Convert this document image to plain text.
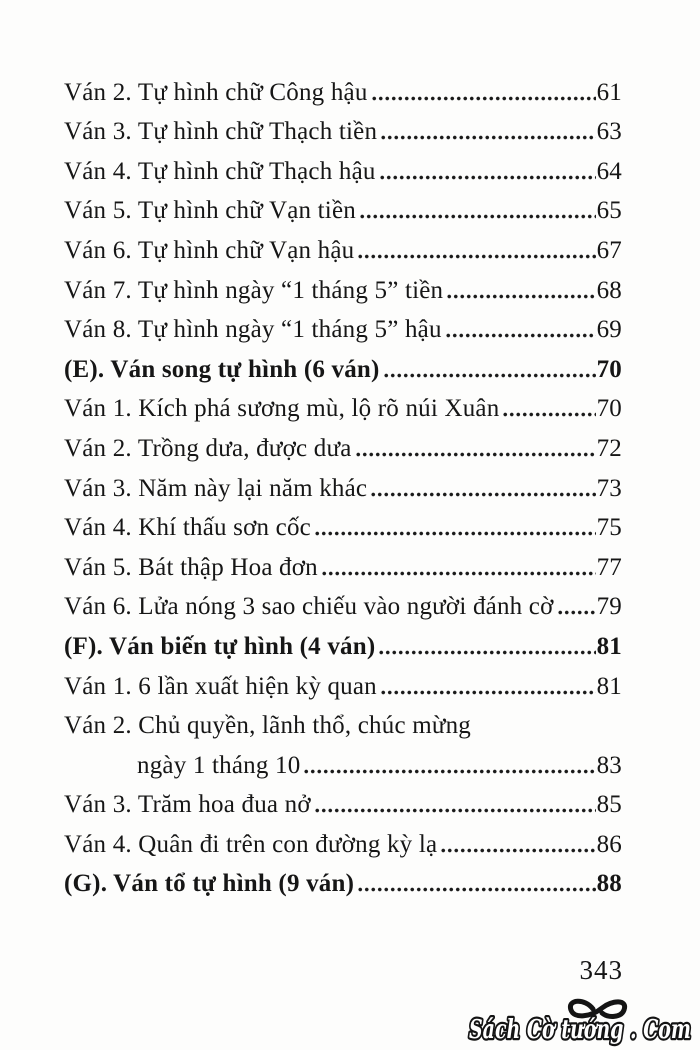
Ván 2. Tự hình chữ Công hậu	61
Ván 3. Tự hình chữ Thạch tiền	63
Ván 4. Tự hình chữ Thạch hậu	64
Ván 5. Tự hình chữ Vạn tiền	65
Ván 6. Tự hình chữ Vạn hậu	67
Ván 7. Tự hình ngày “1 tháng 5” tiền	68
Ván 8. Tự hình ngày “1 tháng 5” hậu	69
(E). Ván song tự hình (6 ván)	70
Ván 1. Kích phá sương mù, lộ rõ núi Xuân	70
Ván 2. Trồng dưa, được dưa	72
Ván 3. Năm này lại năm khác	73
Ván 4. Khí thấu sơn cốc	75
Ván 5. Bát thập Hoa đơn	77
Ván 6. Lửa nóng 3 sao chiếu vào người đánh cờ 79
(F). Ván biến tự hình (4 ván)	81
Ván 1. 6 lần xuất hiện kỳ quan	81
Ván 2. Chủ quyền, lãnh thổ, chúc mừng
ngày 1 tháng 10	83
Ván 3. Trăm hoa đua nở	85
Ván 4. Quân đi trên con đường kỳ lạ	86
(G). Ván tổ tự hình (9 ván)	88
343
Sách Cờ tướng . Com
